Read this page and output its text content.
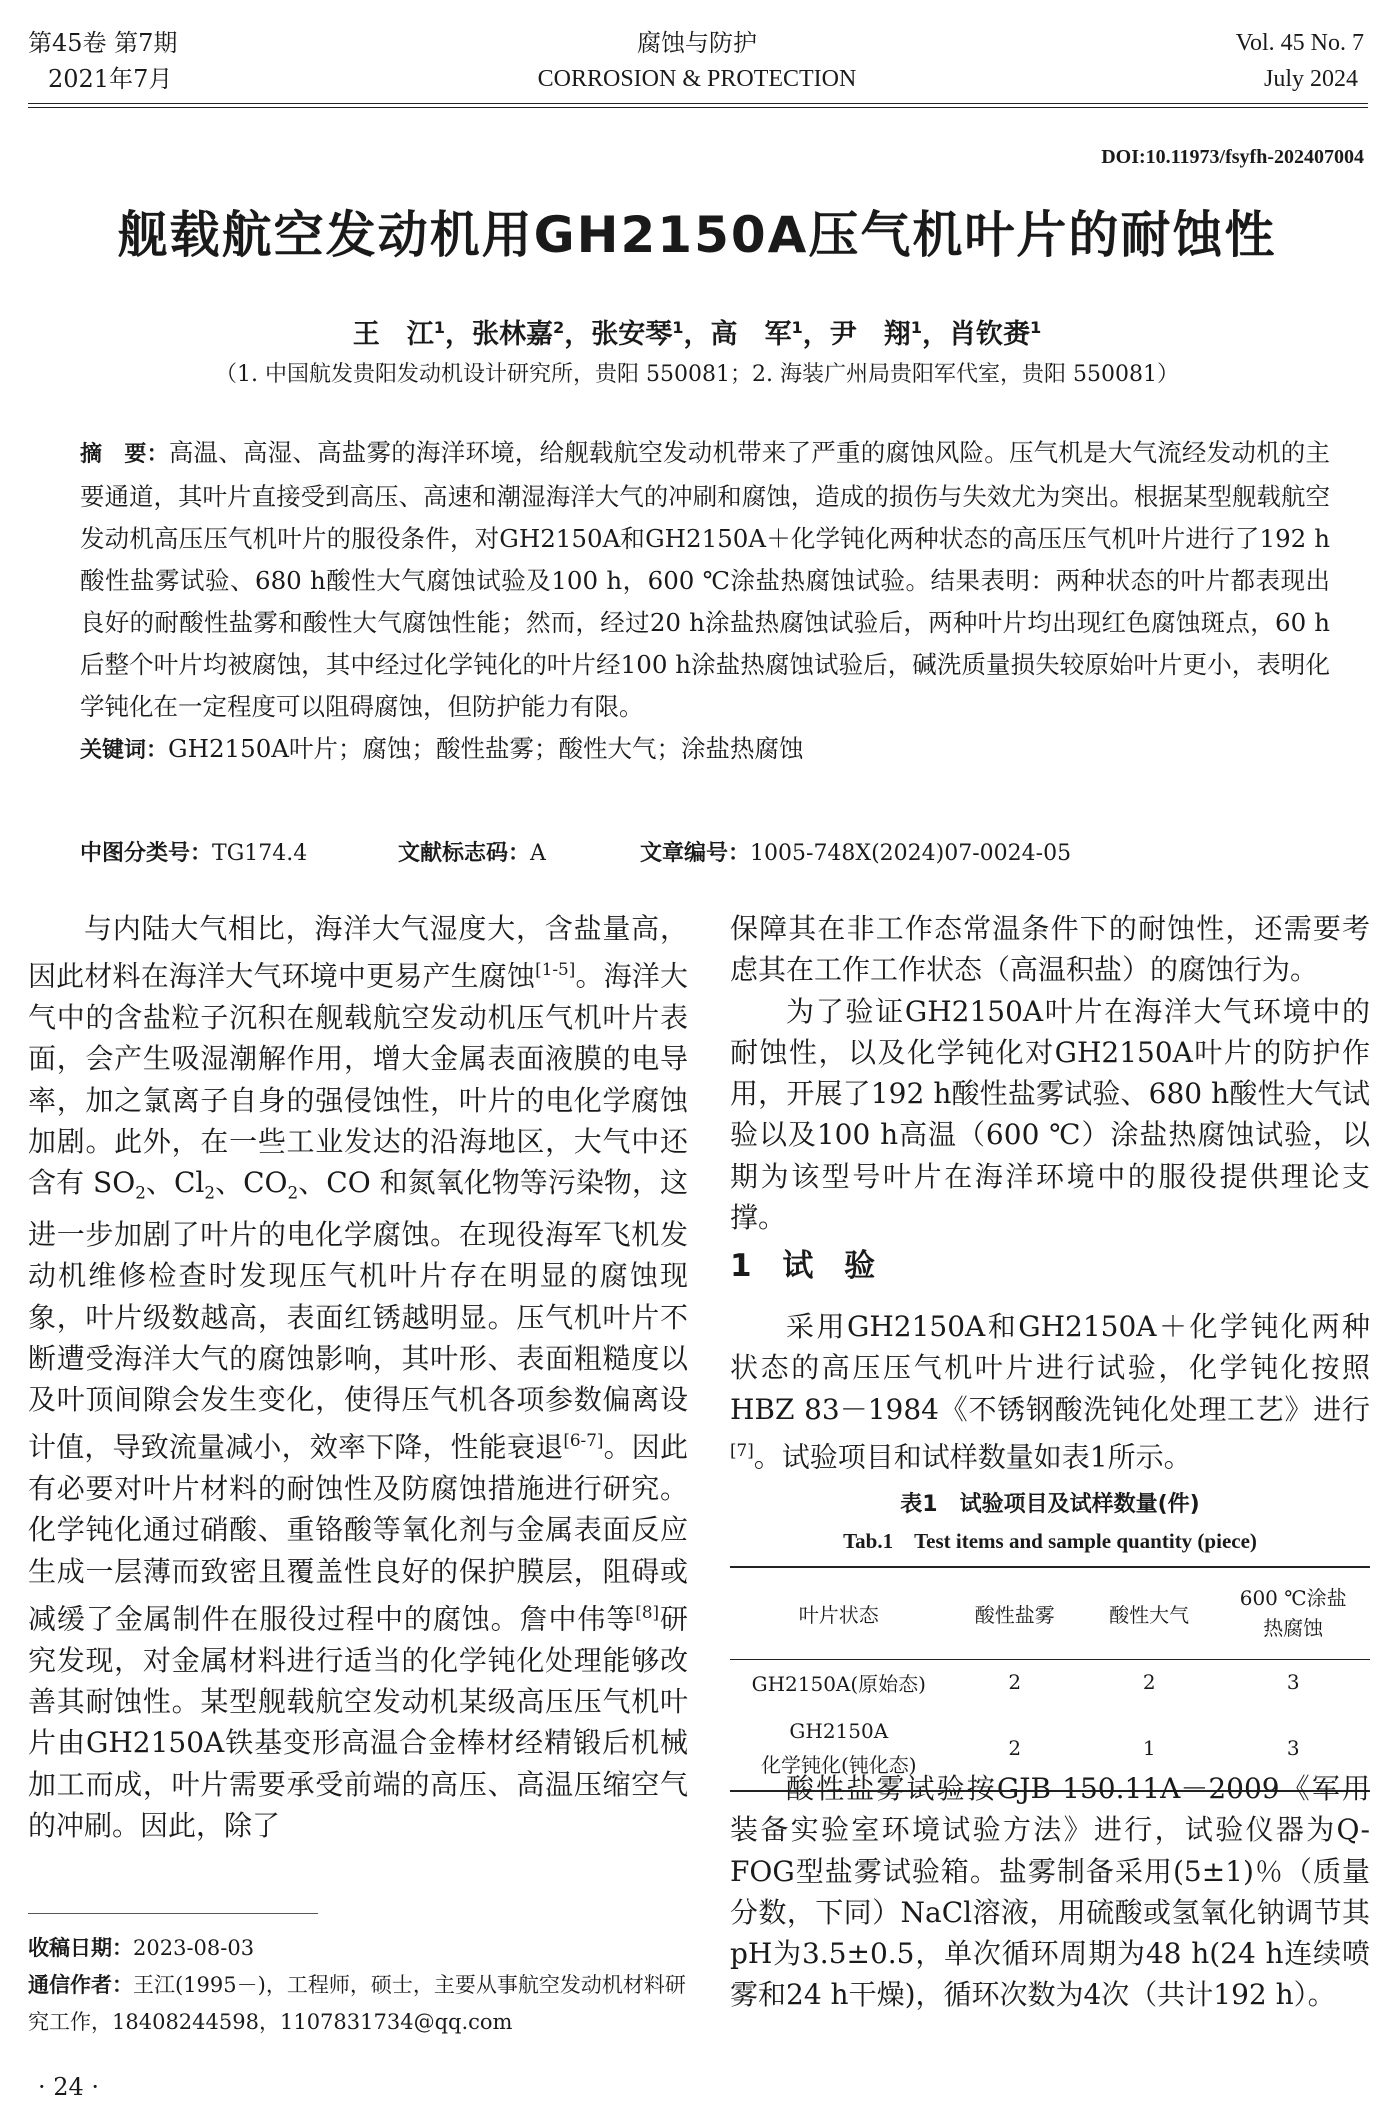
第45卷 第7期
2021年7月
腐蚀与防护
CORROSION & PROTECTION
Vol. 45 No. 7
July 2024
DOI:10.11973/fsyfh-202407004
舰载航空发动机用GH2150A压气机叶片的耐蚀性
王　江$^1$，张林嘉$^2$，张安琴$^1$，高　军$^1$，尹　翔$^1$，肖钦赉$^1$
（1. 中国航发贵阳发动机设计研究所，贵阳 550081；2. 海装广州局贵阳军代室，贵阳 550081）
摘　要：高温、高湿、高盐雾的海洋环境，给舰载航空发动机带来了严重的腐蚀风险。压气机是大气流经发动机的主要通道，其叶片直接受到高压、高速和潮湿海洋大气的冲刷和腐蚀，造成的损伤与失效尤为突出。根据某型舰载航空发动机高压压气机叶片的服役条件，对GH2150A和GH2150A＋化学钝化两种状态的高压压气机叶片进行了192 h酸性盐雾试验、680 h酸性大气腐蚀试验及100 h，600 ℃涂盐热腐蚀试验。结果表明：两种状态的叶片都表现出良好的耐酸性盐雾和酸性大气腐蚀性能；然而，经过20 h涂盐热腐蚀试验后，两种叶片均出现红色腐蚀斑点，60 h后整个叶片均被腐蚀，其中经过化学钝化的叶片经100 h涂盐热腐蚀试验后，碱洗质量损失较原始叶片更小，表明化学钝化在一定程度可以阻碍腐蚀，但防护能力有限。
关键词：GH2150A叶片；腐蚀；酸性盐雾；酸性大气；涂盐热腐蚀
中图分类号：TG174.4	文献标志码：A	文章编号：1005-748X(2024)07-0024-05

与内陆大气相比，海洋大气湿度大，含盐量高，因此材料在海洋大气环境中更易产生腐蚀[1-5]。海洋大气中的含盐粒子沉积在舰载航空发动机压气机叶片表面，会产生吸湿潮解作用，增大金属表面液膜的电导率，加之氯离子自身的强侵蚀性，叶片的电化学腐蚀加剧。此外，在一些工业发达的沿海地区，大气中还含有 $SO_2$、$Cl_2$、$CO_2$、CO 和氮氧化物等污染物，这进一步加剧了叶片的电化学腐蚀。在现役海军飞机发动机维修检查时发现压气机叶片存在明显的腐蚀现象，叶片级数越高，表面红锈越明显。压气机叶片不断遭受海洋大气的腐蚀影响，其叶形、表面粗糙度以及叶顶间隙会发生变化，使得压气机各项参数偏离设计值，导致流量减小，效率下降，性能衰退[6-7]。因此有必要对叶片材料的耐蚀性及防腐蚀措施进行研究。化学钝化通过硝酸、重铬酸等氧化剂与金属表面反应生成一层薄而致密且覆盖性良好的保护膜层，阻碍或减缓了金属制件在服役过程中的腐蚀。詹中伟等[8]研究发现，对金属材料进行适当的化学钝化处理能够改善其耐蚀性。某型舰载航空发动机某级高压压气机叶片由GH2150A铁基变形高温合金棒材经精锻后机械加工而成，叶片需要承受前端的高压、高温压缩空气的冲刷。因此，除了

保障其在非工作态常温条件下的耐蚀性，还需要考虑其在工作工作状态（高温积盐）的腐蚀行为。

为了验证GH2150A叶片在海洋大气环境中的耐蚀性，以及化学钝化对GH2150A叶片的防护作用，开展了192 h酸性盐雾试验、680 h酸性大气试验以及100 h高温（600 ℃）涂盐热腐蚀试验，以期为该型号叶片在海洋环境中的服役提供理论支撑。

1 试 验

采用GH2150A和GH2150A＋化学钝化两种状态的高压压气机叶片进行试验，化学钝化按照HBZ 83－1984《不锈钢酸洗钝化处理工艺》进行[7]。试验项目和试样数量如表1所示。

表1　试验项目及试样数量(件)
Tab.1　Test items and sample quantity (piece)
叶片状态	酸性盐雾	酸性大气	600 ℃涂盐
热腐蚀
GH2150A(原始态)	2	2	3
GH2150A
化学钝化(钝化态)	2	1	3

酸性盐雾试验按GJB 150.11A－2009《军用装备实验室环境试验方法》进行，试验仪器为Q-FOG型盐雾试验箱。盐雾制备采用(5±1)％（质量分数，下同）NaCl溶液，用硫酸或氢氧化钠调节其pH为3.5±0.5，单次循环周期为48 h(24 h连续喷雾和24 h干燥)，循环次数为4次（共计192 h）。

收稿日期：2023-08-03
通信作者：王江(1995－)，工程师，硕士，主要从事航空发动机材料研究工作，18408244598，1107831734@qq.com
· 24 ·
